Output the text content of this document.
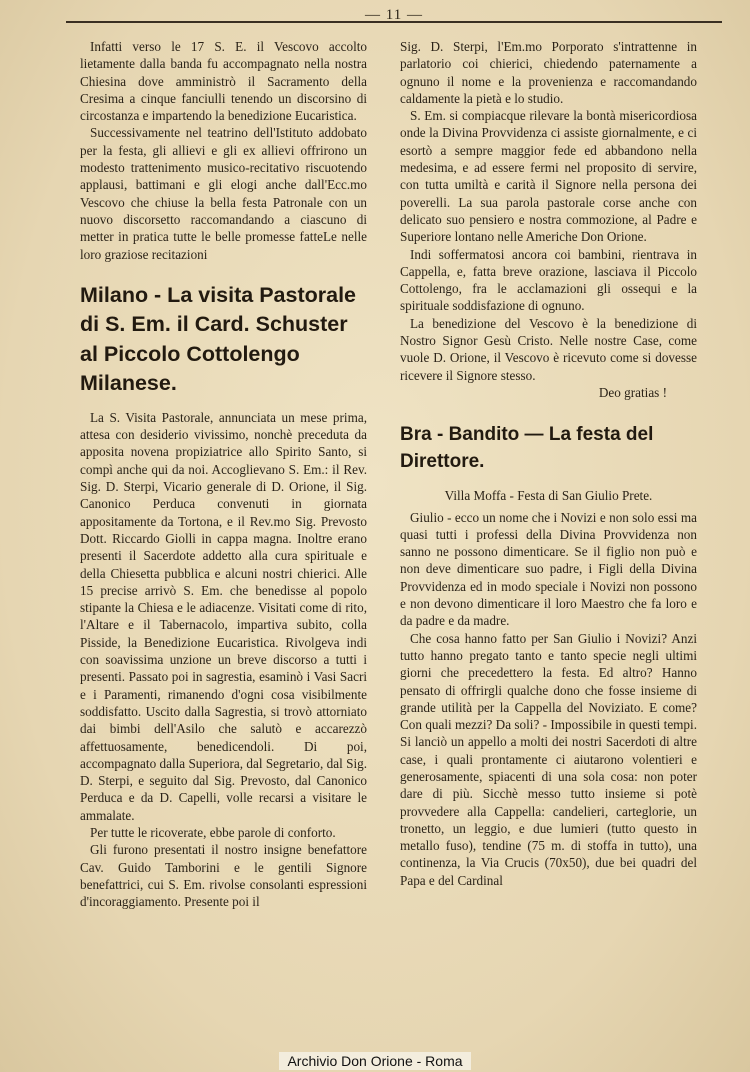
— 11 —

Infatti verso le 17 S. E. il Vescovo accolto lietamente dalla banda fu accompagnato nella nostra Chiesina dove amministrò il Sacramento della Cresima a cinque fanciulli tenendo un discorsino di circostanza e impartendo la benedizione Eucaristica.

Successivamente nel teatrino dell'Istituto addobato per la festa, gli allievi e gli ex allievi offrirono un modesto trattenimento musico-recitativo riscuotendo applausi, battimani e gli elogi anche dall'Ecc.mo Vescovo che chiuse la bella festa Patronale con un nuovo discorsetto raccomandando a ciascuno di metter in pratica tutte le belle promesse fatteLe nelle loro graziose recitazioni

Milano - La visita Pastorale di S. Em. il Card. Schuster al Piccolo Cottolengo Milanese.

La S. Visita Pastorale, annunciata un mese prima, attesa con desiderio vivissimo, nonchè preceduta da apposita novena propiziatrice allo Spirito Santo, si compì anche qui da noi. Accoglievano S. Em.: il Rev. Sig. D. Sterpi, Vicario generale di D. Orione, il Sig. Canonico Perduca convenuti in giornata appositamente da Tortona, e il Rev.mo Sig. Prevosto Dott. Riccardo Giolli in cappa magna. Inoltre erano presenti il Sacerdote addetto alla cura spirituale e della Chiesetta pubblica e alcuni nostri chierici. Alle 15 precise arrivò S. Em. che benedisse al popolo stipante la Chiesa e le adiacenze. Visitati come di rito, l'Altare e il Tabernacolo, impartiva subito, colla Pisside, la Benedizione Eucaristica. Rivolgeva indi con soavissima unzione un breve discorso a tutti i presenti. Passato poi in sagrestia, esaminò i Vasi Sacri e i Paramenti, rimanendo d'ogni cosa visibilmente soddisfatto. Uscito dalla Sagrestia, si trovò attorniato dai bimbi dell'Asilo che salutò e accarezzò affettuosamente, benedicendoli. Di poi, accompagnato dalla Superiora, dal Segretario, dal Sig. D. Sterpi, e seguito dal Sig. Prevosto, dal Canonico Perduca e da D. Capelli, volle recarsi a visitare le ammalate.

Per tutte le ricoverate, ebbe parole di conforto.

Gli furono presentati il nostro insigne benefattore Cav. Guido Tamborini e le gentili Signore benefattrici, cui S. Em. rivolse consolanti espressioni d'incoraggiamento. Presente poi il

Sig. D. Sterpi, l'Em.mo Porporato s'intrattenne in parlatorio coi chierici, chiedendo paternamente a ognuno il nome e la provenienza e raccomandando caldamente la pietà e lo studio.

S. Em. si compiacque rilevare la bontà misericordiosa onde la Divina Provvidenza ci assiste giornalmente, e ci esortò a sempre maggior fede ed abbandono nella medesima, e ad essere fermi nel proposito di servire, con tutta umiltà e carità il Signore nella persona dei poverelli. La sua parola pastorale corse anche con delicato suo pensiero e nostra commozione, al Padre e Superiore lontano nelle Americhe Don Orione.

Indi soffermatosi ancora coi bambini, rientrava in Cappella, e, fatta breve orazione, lasciava il Piccolo Cottolengo, fra le acclamazioni gli ossequi e la spirituale soddisfazione di ognuno.

La benedizione del Vescovo è la benedizione di Nostro Signor Gesù Cristo. Nelle nostre Case, come vuole D. Orione, il Vescovo è ricevuto come si dovesse ricevere il Signore stesso.

Deo gratias !

Bra - Bandito — La festa del Direttore.

Villa Moffa - Festa di San Giulio Prete.

Giulio - ecco un nome che i Novizi e non solo essi ma quasi tutti i professi della Divina Provvidenza non sanno ne possono dimenticare. Se il figlio non può e non deve dimenticare suo padre, i Figli della Divina Provvidenza ed in modo speciale i Novizi non possono e non devono dimenticare il loro Maestro che fa loro e da padre e da madre.

Che cosa hanno fatto per San Giulio i Novizi? Anzi tutto hanno pregato tanto e tanto specie negli ultimi giorni che precedettero la festa. Ed altro? Hanno pensato di offrirgli qualche dono che fosse insieme di grande utilità per la Cappella del Noviziato. E come? Con quali mezzi? Da soli? - Impossibile in questi tempi. Si lanciò un appello a molti dei nostri Sacerdoti di altre case, i quali prontamente ci aiutarono volentieri e generosamente, spiacenti di una sola cosa: non poter dare di più. Sicchè messo tutto insieme si potè provvedere alla Cappella: candelieri, carteglorie, un tronetto, un leggio, e due lumieri (tutto questo in metallo fuso), tendine (75 m. di stoffa in tutto), una continenza, la Via Crucis (70x50), due bei quadri del Papa e del Cardinal

Archivio Don Orione - Roma
